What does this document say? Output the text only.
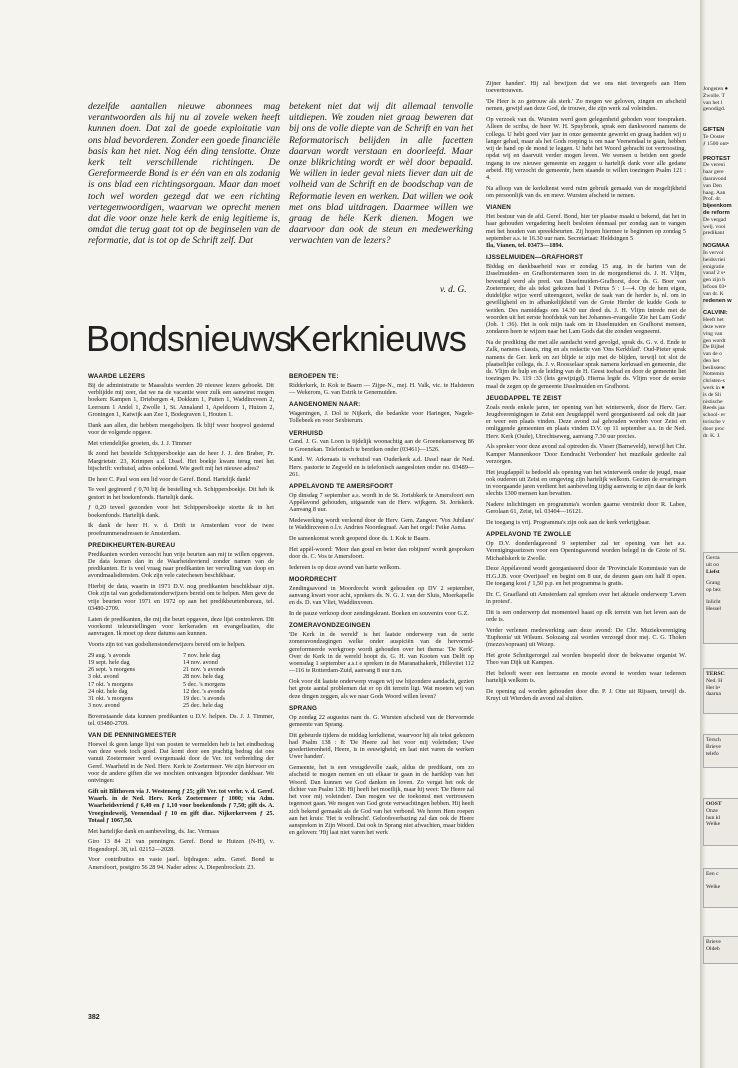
dezelfde aantallen nieuwe abonnees mag verantwoorden als hij nu al zovele weken heeft kunnen doen. Dat zal de goede exploitatie van ons blad bevorderen. Zonder een goede financiële basis kan het niet. Nog één ding tenslotte. Onze kerk telt verschillende richtingen. De Gereformeerde Bond is er één van en als zodanig is ons blad een richtingsorgaan. Maar dan moet toch wel worden gezegd dat we een richting vertegenwoordigen, waarvan we oprecht menen dat die voor onze hele kerk de enig legitieme is, omdat die terug gaat tot op de beginselen van de reformatie, dat is tot op de Schrift zelf. Dat
betekent niet dat wij dit allemaal tenvolle uitdiepen. We zouden niet graag beweren dat bij ons de volle diepte van de Schrift en van het Reformatorisch belijden in alle facetten daarvan wordt verstaan en doorleefd. Maar onze blikrichting wordt er wèl door bepaald. We willen in ieder geval niets liever dan uit de volheid van de Schrift en de boodschap van de Reformatie leven en werken. Dat willen we ook met ons blad uitdragen. Daarmee willen we graag de héle Kerk dienen. Mogen we daarvoor dan ook de steun en medewerking verwachten van de lezers?
v. d. G.
Bondsnieuws
Kerknieuws
WAARDE LEZERS

Bij de administratie te Maassluis werden 20 nieuwe lezers geboekt. Dit verblijdde mij zeer, dat we na de vacantie weer zulk een aanwinst mogen boeken: Kampen 1, Driebergen 4, Dokkum 1, Putten 1, Waddinxveen 2, Leersum 1 Andel 1, Zwolle 1, St. Annaland 1, Apeldoorn 1, Huizen 2, Groningen 1, Katwijk aan Zee 1, Bodegraven 1, Houten 1.

Dank aan allen, die hebben meegeholpen. Ik blijf weer hoopvol gestemd voor de volgende opgave.

Met vriendelijke groeten, ds. J. J. Timmer

Ik zond het bestelde Schippersboekje aan de heer J. J. den Braber, Pr. Margrietstr. 23, Krimpen a.d. IJssel. Het boekje kwam terug met het bijschrift: verhuisd, adres onbekend. Wie geeft mij het nieuwe adres?

De heer C. Paul won een lid voor de Geref. Bond. Hartelijk dank!

Te veel gegireerd ƒ 0,70 bij de bestelling v.h. Schippersboekje. Dit heb ik gestort in het boekenfonds. Hartelijk dank.

ƒ 0,20 teveel gezonden voor het Schippersboekje stortte ik in het boekenfonds. Hartelijk dank.

Ik dank de heer H. v. d. Drift te Amsterdam voor de twee proefnummeradressen te Amsterdam.

PREDIKHEURTEN-BUREAU

Predikanten worden verzocht hun vrije beurten aan mij te willen opgeven. De data komen dan in de Waarheidsvriend zonder namen van de predikanten. Er is veel vraag naar predikanten ter vervulling van doop en avondmaalsdiensten. Ook zijn vele catechesen beschikbaar.

Hierbij de data, waarin in 1971 D.V. nog predikanten beschikbaar zijn. Ook zijn tal van godsdienstonderwijzers bereid om te helpen. Men geve de vrije beurten voor 1971 en 1972 op aan het predikbeurtenbureau, tel. 03480-2709.

Laten de predikanten, die mij die beurt opgaven, deze lijst controleren. Dit voorkomt teleurstellingen voor kerkeraden en evangelisaties, die aanvragen. Ik moet op deze datums aan kunnen.

Voorts zijn tot van godsdienstonderwijzers bereid om te helpen.

29 aug. 's avonds	7 nov. hele dag
19 sept. hele dag	14 nov. avond
26 sept. 's morgens	21 nov. 's avonds
3 okt. avond	28 nov. hele dag
17 okt. 's morgens	5 dec. 's morgens
24 okt. hele dag	12 dec. 's avonds
31 okt. 's morgens	19 dec. 's avonds
3 nov. avond	25 dec. hele dag

Bovenstaande data kunnen predikanten u D.V. helpen. Ds. J. J. Timmer, tel. 03480-2709.

VAN DE PENNINGMEESTER

Hoewel ik geen lange lijst van posten te vermelden heb is het eindbedrag van deze week toch goed. Dat komt door een prachtig bedrag dat ons vanuit Zoetermeer werd overgemaakt door de Ver. tot verbreiding der Geref. Waarheid in de Ned. Herv. Kerk te Zoetermeer. We zijn hiervoor en voor de andere giften die we mochten ontvangen bijzonder dankbaar. We ontvingen:

Gift uit Blithoven via J. Westeneng ƒ 25; gift Ver. tot verbr. v. d. Geref. Waarh. in de Ned. Herv. Kerk Zoetermeer ƒ 1000; via Adm. Waarheidsvriend ƒ 6,40 en ƒ 1,10 voor boekenfonds ƒ 7,50; gift ds. A. Vroegindeweij, Veenendaal ƒ 10 en gift diac. Nijkerkerveen ƒ 25. Totaal ƒ 1067,50.

Met hartelijke dank en aanbeveling, ds. Jac. Vermaas

Giro 13 84 21 van penningm. Geref. Bond te Huizen (N-H), v. Hogendorpl. 38, tel. 02152—2028.

Voor contributies en vaste jaarl. bijdragen: adm. Geref. Bond te Amersfoort, postgiro 56 28 94. Nader adres: A. Diepenbrockstr. 23.

BEROEPEN TE:

Ridderkerk, Ir. Kok te Baarn — Zijpe-N., mej. H. Valk, vic. te Halsteren — Wekerom, G. van Estrik te Genemuiden.

AANGENOMEN NAAR:

Wageningen, J. Dol te Nijkerk, die bedankte voor Haringen, Nagele-Tollebeek en voor Sexbierum.

VERHUISD

Cand. J. G. van Loon is tijdelijk woonachtig aan de Groenekanseweg 86 te Groenekan. Telefonisch te bereiken onder (03461)—1526.

Kand. W. Arkeraats is verhuisd van Ouderkerk a.d. IJssel naar de Ned. Herv. pastorie te Zegveld en is telefonisch aangesloten onder no. 03489—261.

APPELAVOND TE AMERSFOORT

Op dinsdag 7 september a.s. wordt in de St. Jorisbkerk te Amersfoort een Appèlavond gehouden, uitgaande van de Herv. wijkgem. St. Joriskerk. Aanvang 8 uur.

Medewerking wordt verleend door de Herv. Gem. Zangver. 'Vox Jubilans' te Waddinxveen o.l.v. Andries Noordegraaf. Aan het orgel: Feike Asma.

De samenkomst wordt geopend door ds. I. Kok te Baarn.

Het appèl-woord: 'Meer dan goud en beter dan robijnen' wordt gesproken door ds. C. Vos te Amersfoort.

Iedereen is op deze avond van harte welkom.

MOORDRECHT

Zendingsavond in Moordrecht wordt gehouden op DV 2 september, aanvang kwart voor acht, sprekers ds. N. G. J. van der Sluis, Moerkapelle en ds. D. van Vliet, Waddinxveen.

In de pauze verkoop door zendingskrant. Boeken en souvenirs voor G.Z.

ZOMERAVONDZEGINGEN

'De Kerk in de wereld' is het laatste onderwerp van de serie zomeravondzegingen welke onder auspiciën van de hervormd-gereformeerde werkgroep wordt gehouden over het thema: 'De Kerk'. Over de Kerk in de wereld hoopt ds. G. H. van Kooten van Delft op woensdag 1 september a.s.t e spreken in de Maranathakerk, Hilleviiet 112—116 te Rotterdam-Zuid, aanvang 8 uur n.m.

Ook voor dit laatste onderwerp vragen wij uw bijzondere aandacht, gezien het grote aantal problemen dat er op dit terrein ligt. Wat moeten wij van deze dingen zeggen, als we naar Gods Woord willen leven?

SPRANG

Op zondag 22 augustus nam ds. G. Wursten afscheid van de Hervormde gemeente van Sprang.

Dit gebeurde tijdens de middag kerkdienst, waarvoor hij als tekst gekozen had Psalm 138 : 8: 'De Heere zal het voor mij voleinden; Uwe goedertierenheid, Heere, is in eeuwigheid; en laat niet varen de werken Uwer handen'.

Gemeente, het is een vreugdevolle zaak, aldus de predikant, om zo afscheid te mogen nemen en uit elkaar te gaan in de hartklop van het Woord. Dan kunnen we God danken en loven. Zo vergat het ook de dichter van Psalm 138: Hij heeft het moeilijk, maar hij weet: 'De Heere zal het voor mij voleinden'. Dan mogen we de toekomst met vertrouwen tegemoet gaan. We mogen van God grote verwachtingen hebben. Hij heeft zich bekend gemaakt als de God van het verbond. We horen Hem roepen aan het kruis: 'Het is volbracht'. Geloofsverbazing zal dan ook de Heere aanspreken in Zijn Woord. Dat ook in Sprang niet afwachten, maar bidden en geloven: 'Hij laat niet varen het werk

Zijner handen'. Hij zal bewijzen dat we ons niet tevergeefs aan Hem toevertrouwen.

'De Heer is zo getrouw als sterk.' Zo mogen we geloven, zingen en afscheid nemen, gewijd aan deze God, de trouwe, die zijn werk zal voleinden.

Op verzoek van ds. Wursten werd geen gelegenheid geboden voor toespraken. Alleen de scriba, de heer W. H. Spuybroek, sprak een dankwoord namens de collega. U hebt goed vier jaar in onze gemeente gewerkt en graag hadden wij u langer gehad, maar als het Gods roeping is om naar Veenendaal te gaan, hebben wij de hand op de mond te leggen. U hebt het Woord gebracht tot vertroosting, opdat wij en daarvuit verder mogen leven. We wensen u beiden een goede ingang in uw nieuwe gemeente en zeggen u hartelijk dank voor alle gedane arbeid. Hij verzocht de gemeente, hem staande te willen toezingen Psalm 121 : 4.

Na afloop van de kerkdienst werd ruim gebruik gemaakt van de mogelijkheid om persoonlijk van ds. en mevr. Wursten afscheid te nemen.

VIANEN

Het bestuur van de afd. Geref. Bond, hier ter plaatse maakt u bekend, dat het in haar gehouden vergadering heeft besloten éénmaal per zondag aan te vangen met het houden van spreekbeurten. Zij hopen hiermee te beginnen op zondag 5 september a.s. te 16.30 uur nam. Secretariaat: Heldsingen 5

Ila, Vianen, tel. 03473—1894.

IJSSELMUIDEN—GRAFHORST

Biddag en dankbaarheid was er zondag 15 aug. in de harten van de IJsselmuiden- en Grafhorsternaren toen in de morgendienst ds. J. H. Vlijm, bevestigd werd als pred. van IJsselmuiden-Grafhorst, door ds. G. Boer van Zoetermeer, die als tekst gekozen had 1 Petrus 5 : 1—4. Op de hem eigen, duidelijke wijze werd uiteengezet, welke de taak van de herder is, nl. om in gewilligheid en in afhankelijkheid van de Grote Herder de kudde Gods te weiden. Des namiddags om 14.30 uur deed ds. J. H. Vlijm intrede met de woorden uit het eerste hoofdstuk van het Johannes-evangelie 'Zie het Lam Gods' (Joh. 1 :36). Het is ook mijn taak om in IJsselmuiden en Grafhorst mensen, zondaren heen te wijzen naar het Lam Gods dat die zonden wegneemt.

Na de prediking die met alle aandacht werd gevolgd, sprak ds. G. v. d. Ende te Zalk, namens classis, ring en als redactie van 'Ons Kerkblad'. Oud-Pieter sprak namens de Ger. kerk en zei blijde te zijn met de blijden, terwijl tot slot de plaatselijke collega, ds. J. v. Roosselaar sprak namens kerkraad en gemeente, die ds. Vlijm de hulp en de leiding van de H. Geest toebad en door de gemeente liet toezingen Ps. 119 :33 (lets gewijzigd). Hierna legde ds. Vlijm voor de eerste maal de zegen op de gemeente IJsselmuiden en Grafhorst.

JEUGDAPPEL TE ZEIST

Zoals reeds enkele jaren, ter opening van het winterwerk, door de Herv. Ger. Jeugdverenigingen te Zeist een Jeugdappèl werd georganiseerd zal ook dit jaar er weer een plaats vinden. Deze avond zal gehouden worden voor Zeist en omliggende gemeenten en plaats vinden D.V. op 11 september a.s. in de Ned. Herv. Kerk (Oude), Utrechtseweg, aanvang 7.30 uur precies.

Als spreker voor deze avond zal optreden ds. Visser (Barneveld), terwijl het Chr. Kamper Mannenkoor 'Door Eendracht Verbonden' het muzikale gedeelte zal verzorgen.

Het jeugdappèl is bedoeld als opening van het winterwerk onder de jeugd, maar ook ouderen uit Zeist en omgeving zijn hartelijk welkom. Gezien de ervaringen in voorgaande jaren verdient het aanbeveling tijdig aanwezig te zijn daar de kerk slechts 1300 mensen kan bevatten.

Nadere inlichtingen en programma's worden gaarne verstrekt door R. Labee, Gerolaan 61, Zeist, tel. 03404—16121.

De toegang is vrij. Programma's zijn ook aan de kerk verkrijgbaar.

APPELAVOND TE ZWOLLE

Op D.V. donderdagavond 9 september zal ter opening van het a.s. Verenigingsseizoen voor een Openingsavond worden belegd in de Grote of St. Michaëlskerk te Zwolle.

Deze Appèlavond wordt georganiseerd door de 'Provinciale Kommissie van de H.G.J.B. voor Overijssel' en begint om 8 uur, de deuren gaan om half 8 open. De toegang kost ƒ 1,50 p.p. en het programma is gratis.

Dr. C. Graafland uit Amsterdam zal spreken over het aktuele onderwerp 'Leven in protest'.

Dit is een onderwerp dat momenteel haast op elk terrein van het leven aan de orde is.

Verder verlenen medewerking aan deze avond: De Chr. Muziekvereniging 'Euphonia' uit Wilsum. Solozang zal worden verzorgd door mej. C. G. Tholen (mezzo/sopraan) uit Wezep.

Het grote Schnitgerorgel zal worden bespeeld door de bekwame organist W. Theo van Dijk uit Kampen.

Het belooft weer een leerzame en mooie avond te worden waar iedereen hartelijk welkom is.

De opening zal worden gehouden door dhr. P. J. Otte uit Rijssen, terwijl ds. Kruyt uit Wierden de avond zal sluiten.

382
Jongeren ●
Zwolle. T
van het l
genodigd.
GIFTEN
Te Ooster
ƒ 1500 ont•
PROTEST
De vereni
haar gere
daaravond
van Den
haag. Aan
Prof. dr.
bijeenkom
de reform
De vergad
welj. vooi
predikant
NOGMAA
In vervol
heidsvriei
emigratie
vanaf 2 s•
gen zijn h
lefoon 03•
van dr. K
redenen w
CALVINI:
Heeft het
deze were
ving van
gen wordt
De Bijbel
van de o
den het
beslissenc
Nottemin
christen-s
werk in ●
is de Sli
nistische
Reeds jaa
school- er
torische v
door proc
dr. K. J.
Gevra
uit oo
Liefst
Grang
op bez
Inlicht
Hessel
TERSC
Ned. H
Het b•
daarna
Tersch
Brieve
telefo
OOST
Onze
hun kl
Welke
Een c
Welke
Brieve
Oldeb
